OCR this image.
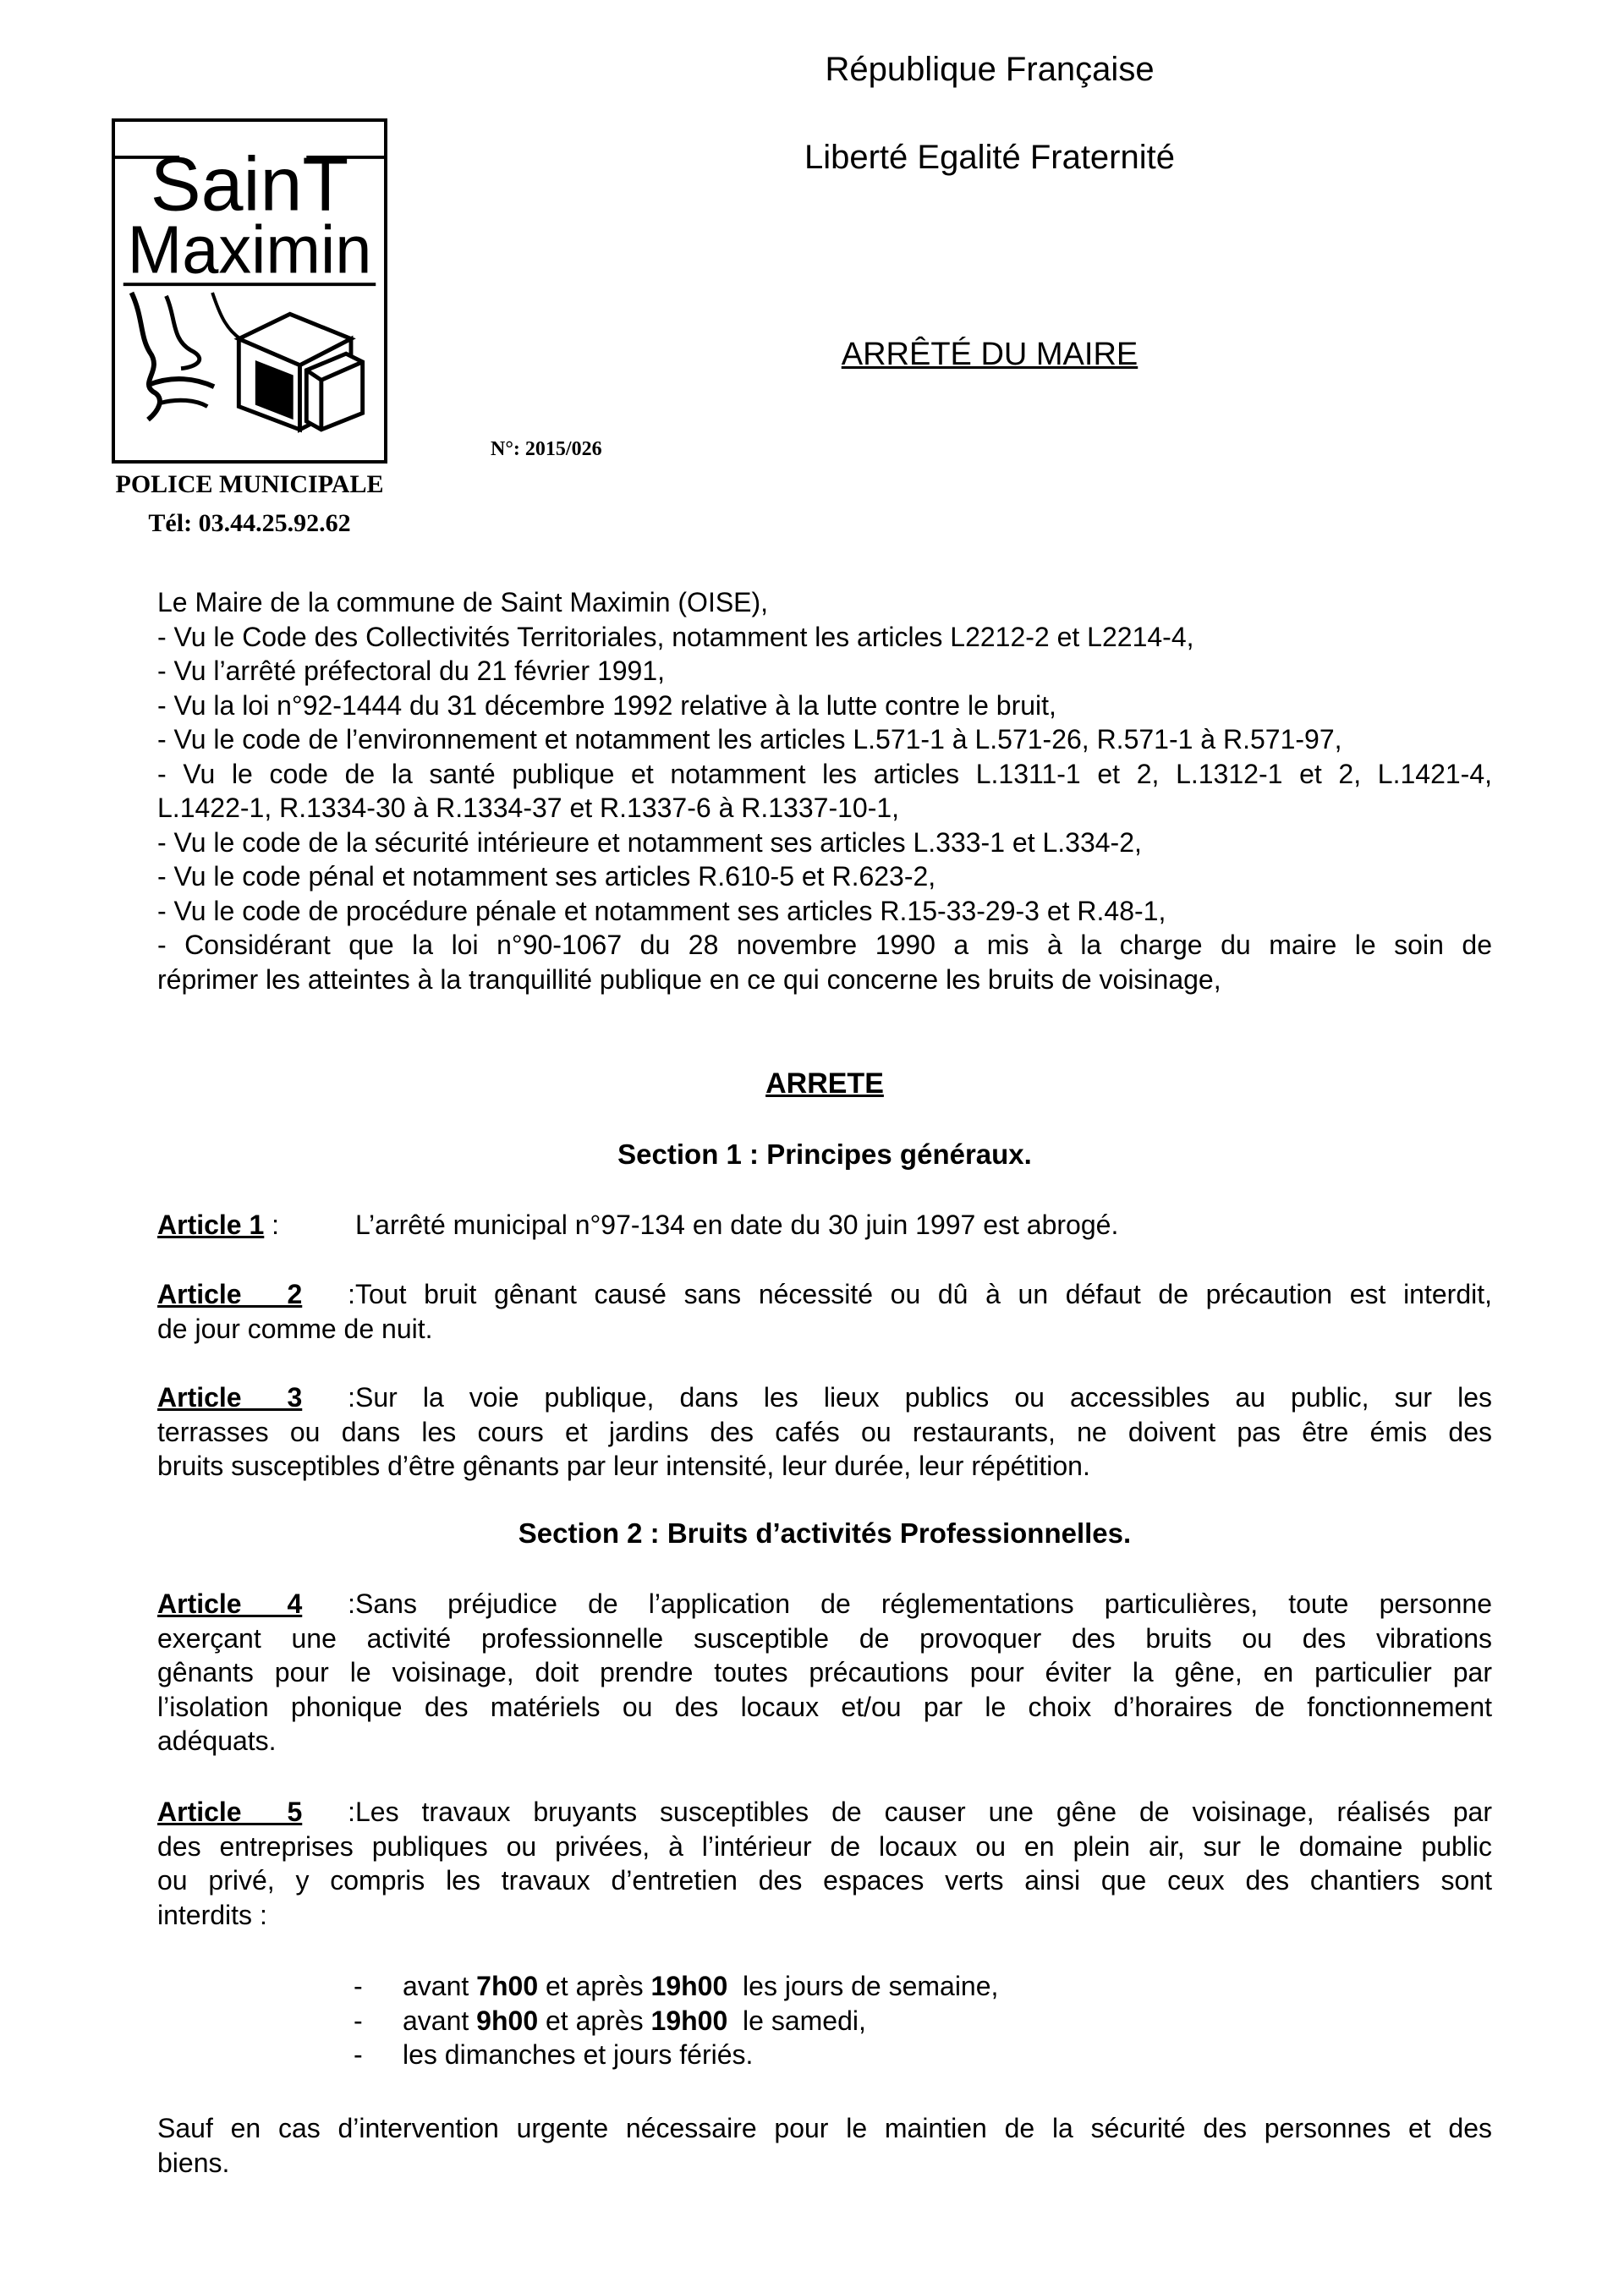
République Française
Liberté Egalité Fraternité
ARRÊTÉ DU MAIRE
SainT
Maximin
POLICE MUNICIPALE
Tél: 03.44.25.92.62
N°: 2015/026
Le Maire de la commune de Saint Maximin (OISE),
- Vu le Code des Collectivités Territoriales, notamment les articles L2212-2 et L2214-4,
- Vu l’arrêté préfectoral du 21 février 1991,
- Vu la loi n°92-1444 du 31 décembre 1992 relative à la lutte contre le bruit,
- Vu le code de l’environnement et notamment les articles L.571-1 à L.571-26, R.571-1 à R.571-97,
- Vu le code de la santé publique et notamment les articles L.1311-1 et 2, L.1312-1 et 2, L.1421-4,
L.1422-1, R.1334-30 à R.1334-37 et R.1337-6 à R.1337-10-1,
- Vu le code de la sécurité intérieure et notamment ses articles L.333-1 et L.334-2,
- Vu le code pénal et notamment ses articles R.610-5 et R.623-2,
- Vu le code de procédure pénale et notamment ses articles R.15-33-29-3 et R.48-1,
- Considérant que la loi n°90-1067 du 28 novembre 1990 a mis à la charge du maire le soin de
réprimer les atteintes à la tranquillité publique en ce qui concerne les bruits de voisinage,
ARRETE
Section 1 : Principes généraux.
Article 1 :	L’arrêté municipal n°97-134 en date du 30 juin 1997 est abrogé.
Article 2 :Tout bruit gênant causé sans nécessité ou dû à un défaut de précaution est interdit,
de jour comme de nuit.
Article 3 :Sur la voie publique, dans les lieux publics ou accessibles au public, sur les
terrasses ou dans les cours et jardins des cafés ou restaurants, ne doivent pas être émis des
bruits susceptibles d’être gênants par leur intensité, leur durée, leur répétition.
Section 2 : Bruits d’activités Professionnelles.
Article 4 :Sans préjudice de l’application de réglementations particulières, toute personne
exerçant une activité professionnelle susceptible de provoquer des bruits ou des vibrations
gênants pour le voisinage, doit prendre toutes précautions pour éviter la gêne, en particulier par
l’isolation phonique des matériels ou des locaux et/ou par le choix d’horaires de fonctionnement
adéquats.
Article 5 :Les travaux bruyants susceptibles de causer une gêne de voisinage, réalisés par
des entreprises publiques ou privées, à l’intérieur de locaux ou en plein air, sur le domaine public
ou privé, y compris les travaux d’entretien des espaces verts ainsi que ceux des chantiers sont
interdits :
- avant 7h00 et après 19h00  les jours de semaine,
- avant 9h00 et après 19h00  le samedi,
- les dimanches et jours fériés.
Sauf en cas d’intervention urgente nécessaire pour le maintien de la sécurité des personnes et des
biens.
